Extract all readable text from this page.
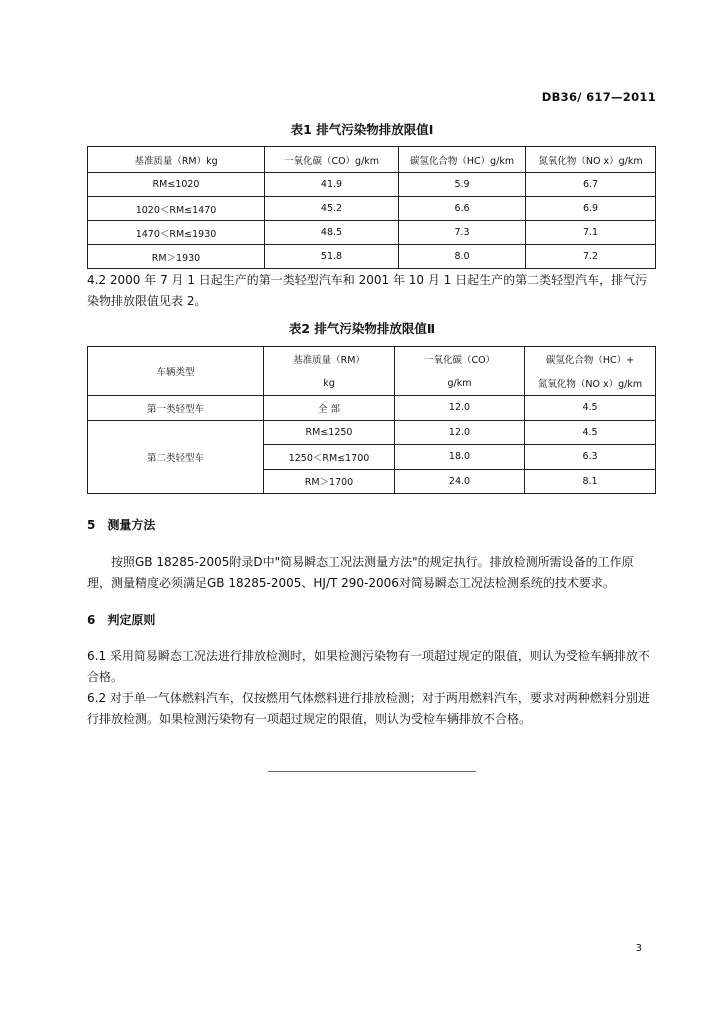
DB36/ 617—2011
表1 排气污染物排放限值Ⅰ
基准质量（RM）kg	一氧化碳（CO）g/km	碳氢化合物（HC）g/km	氮氧化物（NO x）g/km
RM≤1020	41.9	5.9	6.7
1020＜RM≤1470	45.2	6.6	6.9
1470＜RM≤1930	48.5	7.3	7.1
RM＞1930	51.8	8.0	7.2
4.2 2000 年 7 月 1 日起生产的第一类轻型汽车和 2001 年 10 月 1 日起生产的第二类轻型汽车，排气污染物排放限值见表 2。
表2 排气污染物排放限值Ⅱ
车辆类型	基准质量（RM）	一氧化碳（CO）	碳氢化合物（HC）+
	kg	g/km	氮氧化物（NO x）g/km
第一类轻型车	全 部	12.0	4.5
第二类轻型车	RM≤1250	12.0	4.5
	1250＜RM≤1700	18.0	6.3
	RM＞1700	24.0	8.1
5 测量方法
按照GB 18285-2005附录D中"简易瞬态工况法测量方法"的规定执行。排放检测所需设备的工作原理，测量精度必须满足GB 18285-2005、HJ/T 290-2006对简易瞬态工况法检测系统的技术要求。
6 判定原则
6.1 采用简易瞬态工况法进行排放检测时，如果检测污染物有一项超过规定的限值，则认为受检车辆排放不合格。
6.2 对于单一气体燃料汽车，仅按燃用气体燃料进行排放检测；对于两用燃料汽车，要求对两种燃料分别进行排放检测。如果检测污染物有一项超过规定的限值，则认为受检车辆排放不合格。
3
